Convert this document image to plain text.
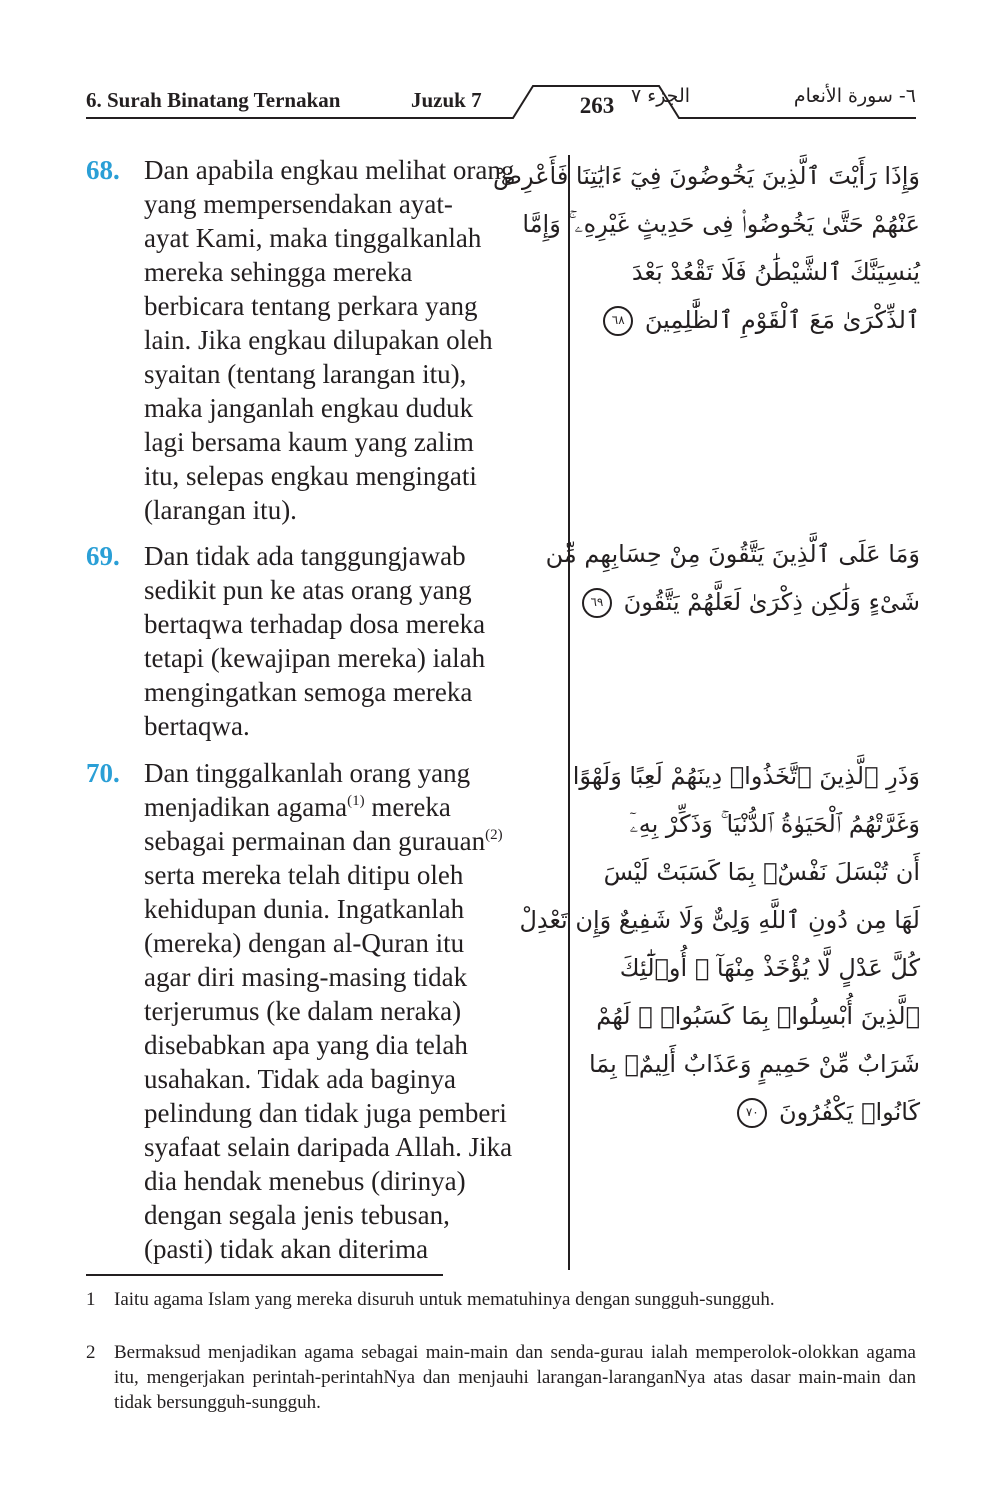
6. Surah Binatang Ternakan	Juzuk 7	263 الجزء ٧	٦- سورة الأنعام
68. Dan apabila engkau melihat orang
yang mempersendakan ayat-
ayat Kami, maka tinggalkanlah
mereka sehingga mereka
berbicara tentang perkara yang
lain. Jika engkau dilupakan oleh
syaitan (tentang larangan itu),
maka janganlah engkau duduk
lagi bersama kaum yang zalim
itu, selepas engkau mengingati
(larangan itu).
وَإِذَا رَأَيْتَ ٱلَّذِينَ يَخُوضُونَ فِيٓ ءَايَٰتِنَا فَأَعْرِضْ
عَنْهُمْ حَتَّىٰ يَخُوضُوا۟ فِى حَدِيثٍ غَيْرِهِۦ ۚ وَإِمَّا
يُنسِيَنَّكَ ٱلشَّيْطَٰنُ فَلَا تَقْعُدْ بَعْدَ
ٱلذِّكْرَىٰ مَعَ ٱلْقَوْمِ ٱلظَّٰلِمِينَ ٦٨
69. Dan tidak ada tanggungjawab
sedikit pun ke atas orang yang
bertaqwa terhadap dosa mereka
tetapi (kewajipan mereka) ialah
mengingatkan semoga mereka
bertaqwa.
وَمَا عَلَى ٱلَّذِينَ يَتَّقُونَ مِنْ حِسَابِهِم مِّن
شَىْءٍ وَلَٰكِن ذِكْرَىٰ لَعَلَّهُمْ يَتَّقُونَ ٦٩
70. Dan tinggalkanlah orang yang
menjadikan agama$^{(1)}$ mereka
sebagai permainan dan gurauan$^{(2)}$
serta mereka telah ditipu oleh
kehidupan dunia. Ingatkanlah
(mereka) dengan al-Quran itu
agar diri masing-masing tidak
terjerumus (ke dalam neraka)
disebabkan apa yang dia telah
usahakan. Tidak ada baginya
pelindung dan tidak juga pemberi
syafaat selain daripada Allah. Jika
dia hendak menebus (dirinya)
dengan segala jenis tebusan,
(pasti) tidak akan diterima
وَذَرِ ٱلَّذِينَ ٱتَّخَذُوا۟ دِينَهُمْ لَعِبًا وَلَهْوًا
وَغَرَّتْهُمُ ٱلْحَيَوٰةُ ٱلدُّنْيَا ۚ وَذَكِّرْ بِهِۦٓ
أَن تُبْسَلَ نَفْسٌۢ بِمَا كَسَبَتْ لَيْسَ
لَهَا مِن دُونِ ٱللَّهِ وَلِىٌّ وَلَا شَفِيعٌ وَإِن تَعْدِلْ
كُلَّ عَدْلٍ لَّا يُؤْخَذْ مِنْهَآ ۗ أُو۟لَٰٓئِكَ
ٱلَّذِينَ أُبْسِلُوا۟ بِمَا كَسَبُوا۟ ۖ لَهُمْ
شَرَابٌ مِّنْ حَمِيمٍ وَعَذَابٌ أَلِيمٌۢ بِمَا
كَانُوا۟ يَكْفُرُونَ ٧٠
1 Iaitu agama Islam yang mereka disuruh untuk mematuhinya dengan sungguh-sungguh.
2 Bermaksud menjadikan agama sebagai main-main dan senda-gurau ialah memperolok-olokkan agama itu, mengerjakan perintah-perintahNya dan menjauhi larangan-laranganNya atas dasar main-main dan tidak bersungguh-sungguh.
